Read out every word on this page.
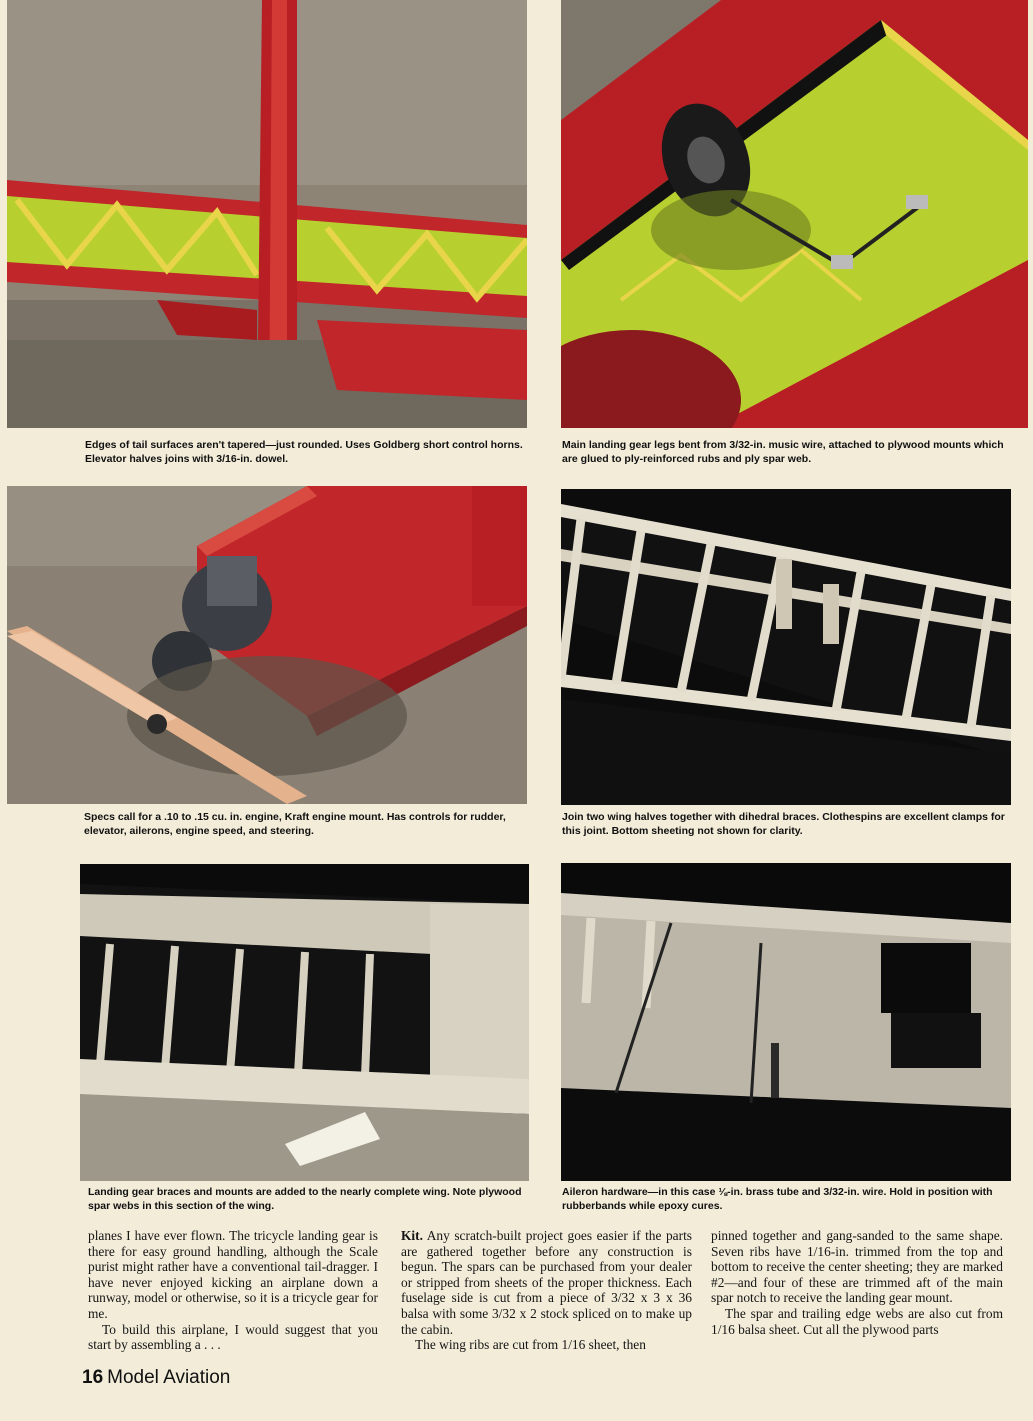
Edges of tail surfaces aren't tapered—just rounded. Uses Goldberg short control horns. Elevator halves joins with 3/16-in. dowel.
Main landing gear legs bent from 3/32-in. music wire, attached to plywood mounts which are glued to ply-reinforced rubs and ply spar web.
Specs call for a .10 to .15 cu. in. engine, Kraft engine mount. Has controls for rudder, elevator, ailerons, engine speed, and steering.
Join two wing halves together with dihedral braces. Clothespins are excellent clamps for this joint. Bottom sheeting not shown for clarity.
Landing gear braces and mounts are added to the nearly complete wing. Note plywood spar webs in this section of the wing.
Aileron hardware—in this case ⅛-in. brass tube and 3/32-in. wire. Hold in position with rubberbands while epoxy cures.

planes I have ever flown. The tricycle landing gear is there for easy ground handling, although the Scale purist might rather have a conventional tail-dragger. I have never enjoyed kicking an airplane down a runway, model or otherwise, so it is a tricycle gear for me.

To build this airplane, I would suggest that you start by assembling a . . .

Kit. Any scratch-built project goes easier if the parts are gathered together before any construction is begun. The spars can be purchased from your dealer or stripped from sheets of the proper thickness. Each fuselage side is cut from a piece of 3/32 x 3 x 36 balsa with some 3/32 x 2 stock spliced on to make up the cabin.

The wing ribs are cut from 1/16 sheet, then

pinned together and gang-sanded to the same shape. Seven ribs have 1/16-in. trimmed from the top and bottom to receive the center sheeting; they are marked #2—and four of these are trimmed aft of the main spar notch to receive the landing gear mount.

The spar and trailing edge webs are also cut from 1/16 balsa sheet. Cut all the plywood parts

16 Model Aviation
